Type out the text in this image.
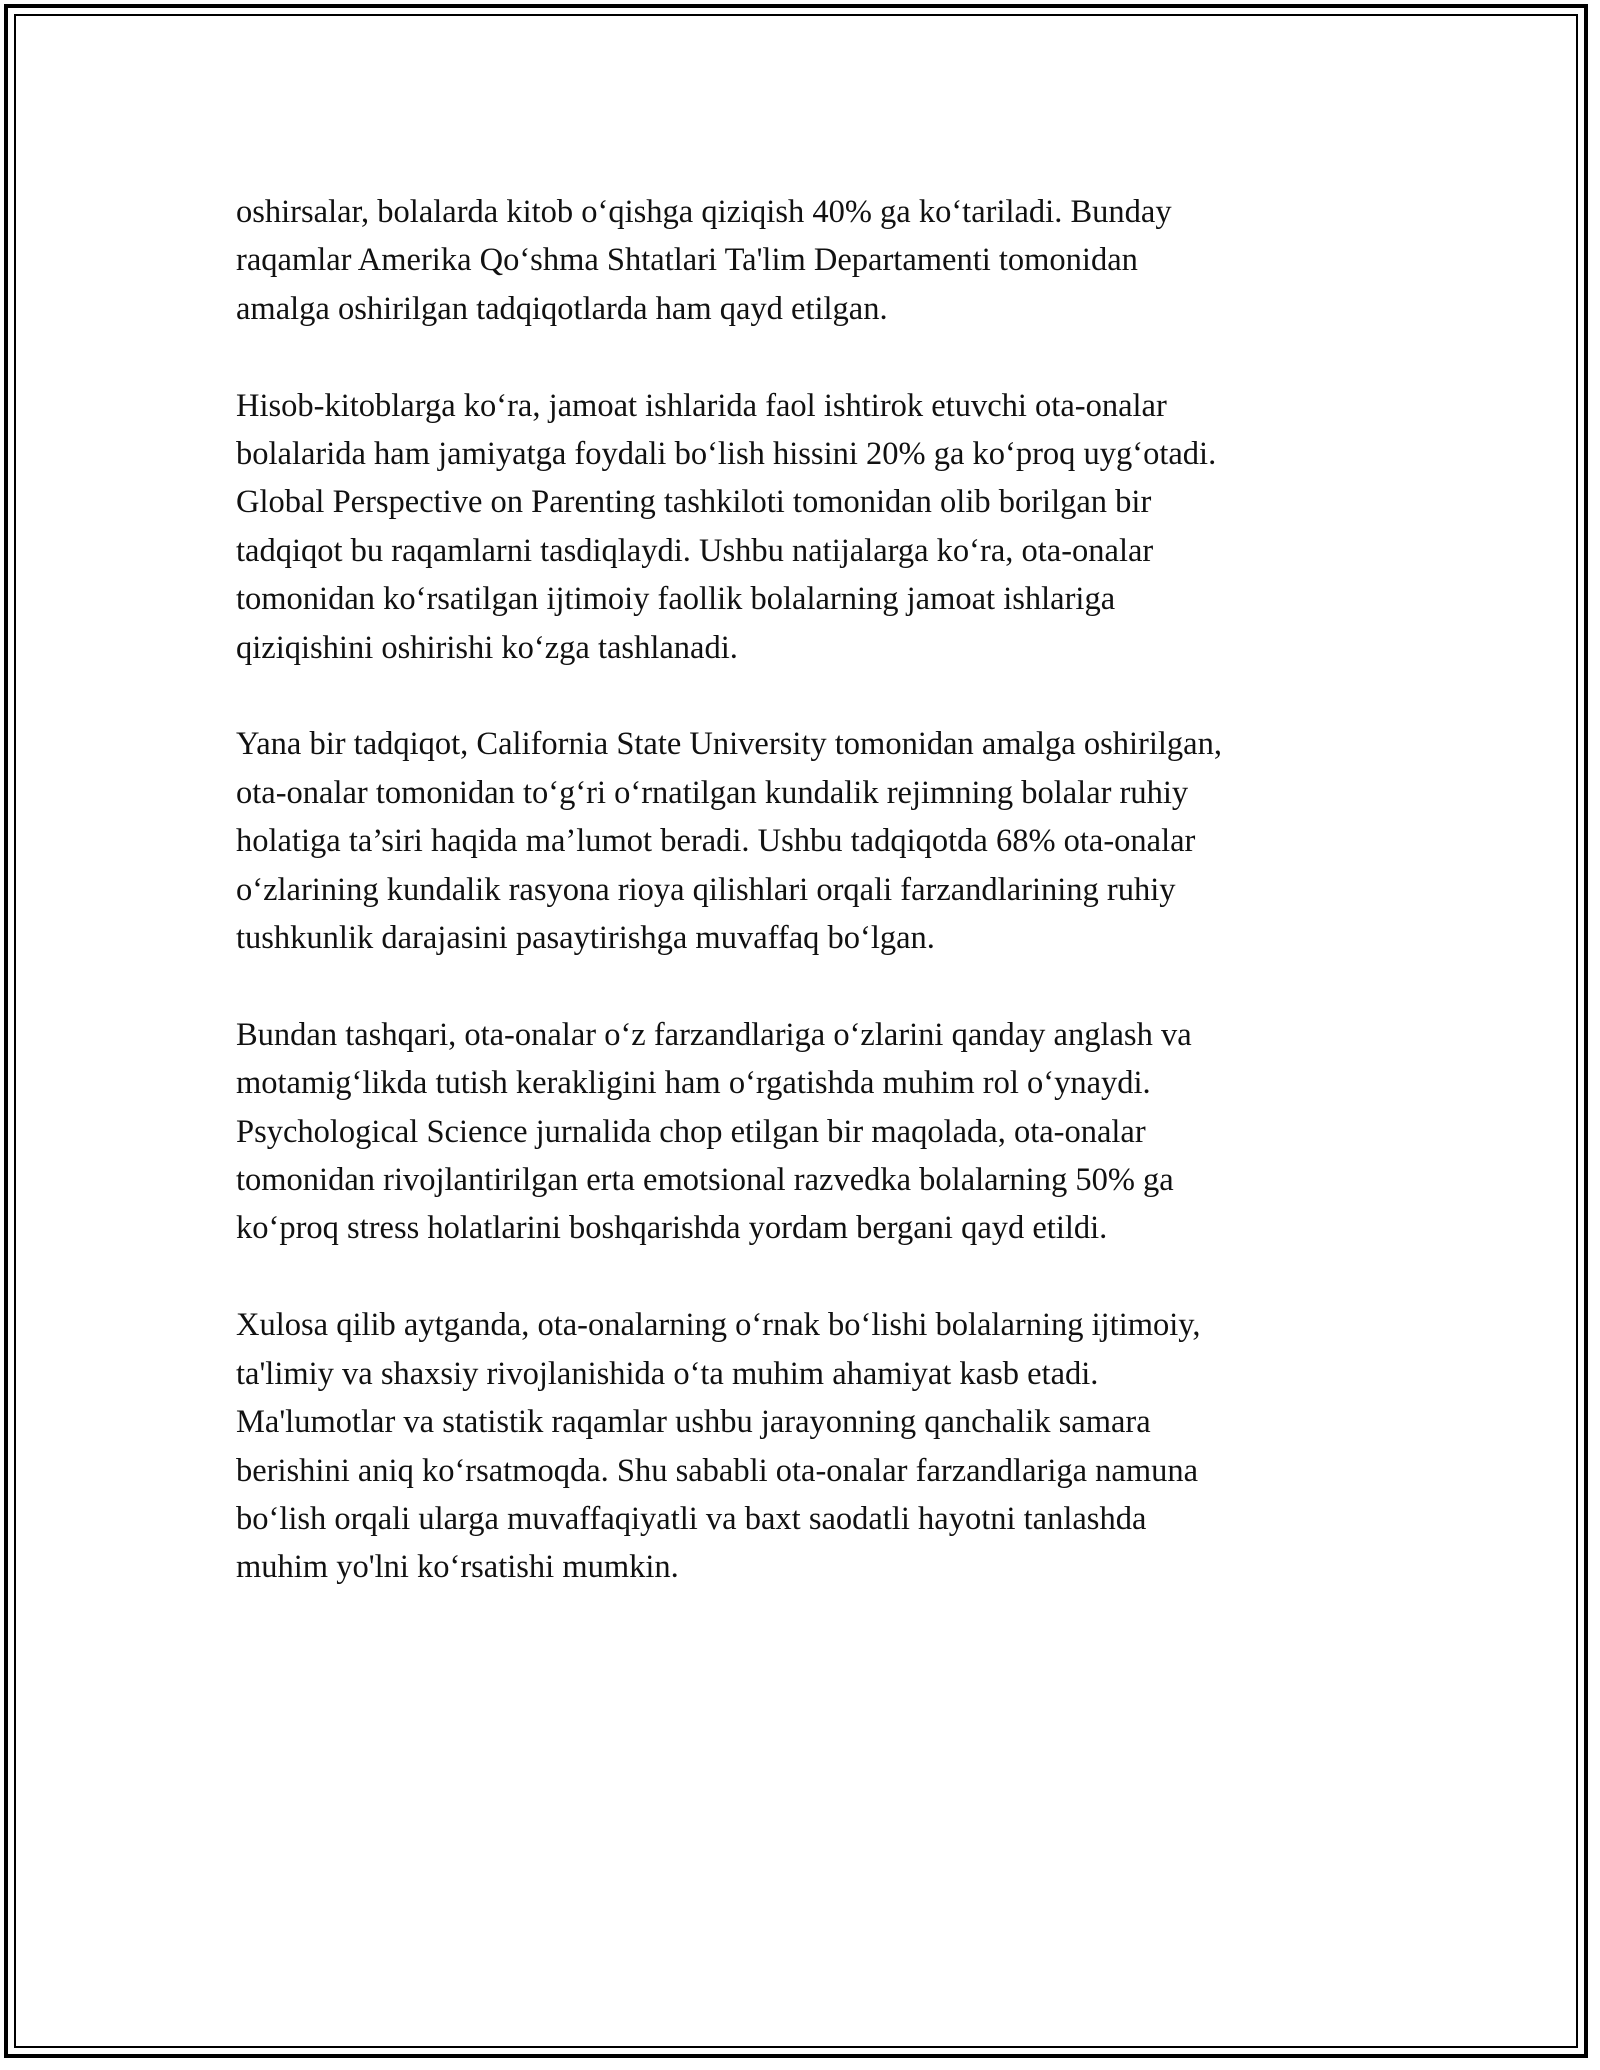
oshirsalar, bolalarda kitob o‘qishga qiziqish 40% ga ko‘tariladi. Bunday
raqamlar Amerika Qo‘shma Shtatlari Ta'lim Departamenti tomonidan
amalga oshirilgan tadqiqotlarda ham qayd etilgan.

Hisob-kitoblarga ko‘ra, jamoat ishlarida faol ishtirok etuvchi ota-onalar
bolalarida ham jamiyatga foydali bo‘lish hissini 20% ga ko‘proq uyg‘otadi.
Global Perspective on Parenting tashkiloti tomonidan olib borilgan bir
tadqiqot bu raqamlarni tasdiqlaydi. Ushbu natijalarga ko‘ra, ota-onalar
tomonidan ko‘rsatilgan ijtimoiy faollik bolalarning jamoat ishlariga
qiziqishini oshirishi ko‘zga tashlanadi.

Yana bir tadqiqot, California State University tomonidan amalga oshirilgan,
ota-onalar tomonidan to‘g‘ri o‘rnatilgan kundalik rejimning bolalar ruhiy
holatiga ta’siri haqida ma’lumot beradi. Ushbu tadqiqotda 68% ota-onalar
o‘zlarining kundalik rasyona rioya qilishlari orqali farzandlarining ruhiy
tushkunlik darajasini pasaytirishga muvaffaq bo‘lgan.

Bundan tashqari, ota-onalar o‘z farzandlariga o‘zlarini qanday anglash va
motamig‘likda tutish kerakligini ham o‘rgatishda muhim rol o‘ynaydi.
Psychological Science jurnalida chop etilgan bir maqolada, ota-onalar
tomonidan rivojlantirilgan erta emotsional razvedka bolalarning 50% ga
ko‘proq stress holatlarini boshqarishda yordam bergani qayd etildi.

Xulosa qilib aytganda, ota-onalarning o‘rnak bo‘lishi bolalarning ijtimoiy,
ta'limiy va shaxsiy rivojlanishida o‘ta muhim ahamiyat kasb etadi.
Ma'lumotlar va statistik raqamlar ushbu jarayonning qanchalik samara
berishini aniq ko‘rsatmoqda. Shu sababli ota-onalar farzandlariga namuna
bo‘lish orqali ularga muvaffaqiyatli va baxt saodatli hayotni tanlashda
muhim yo'lni ko‘rsatishi mumkin.
